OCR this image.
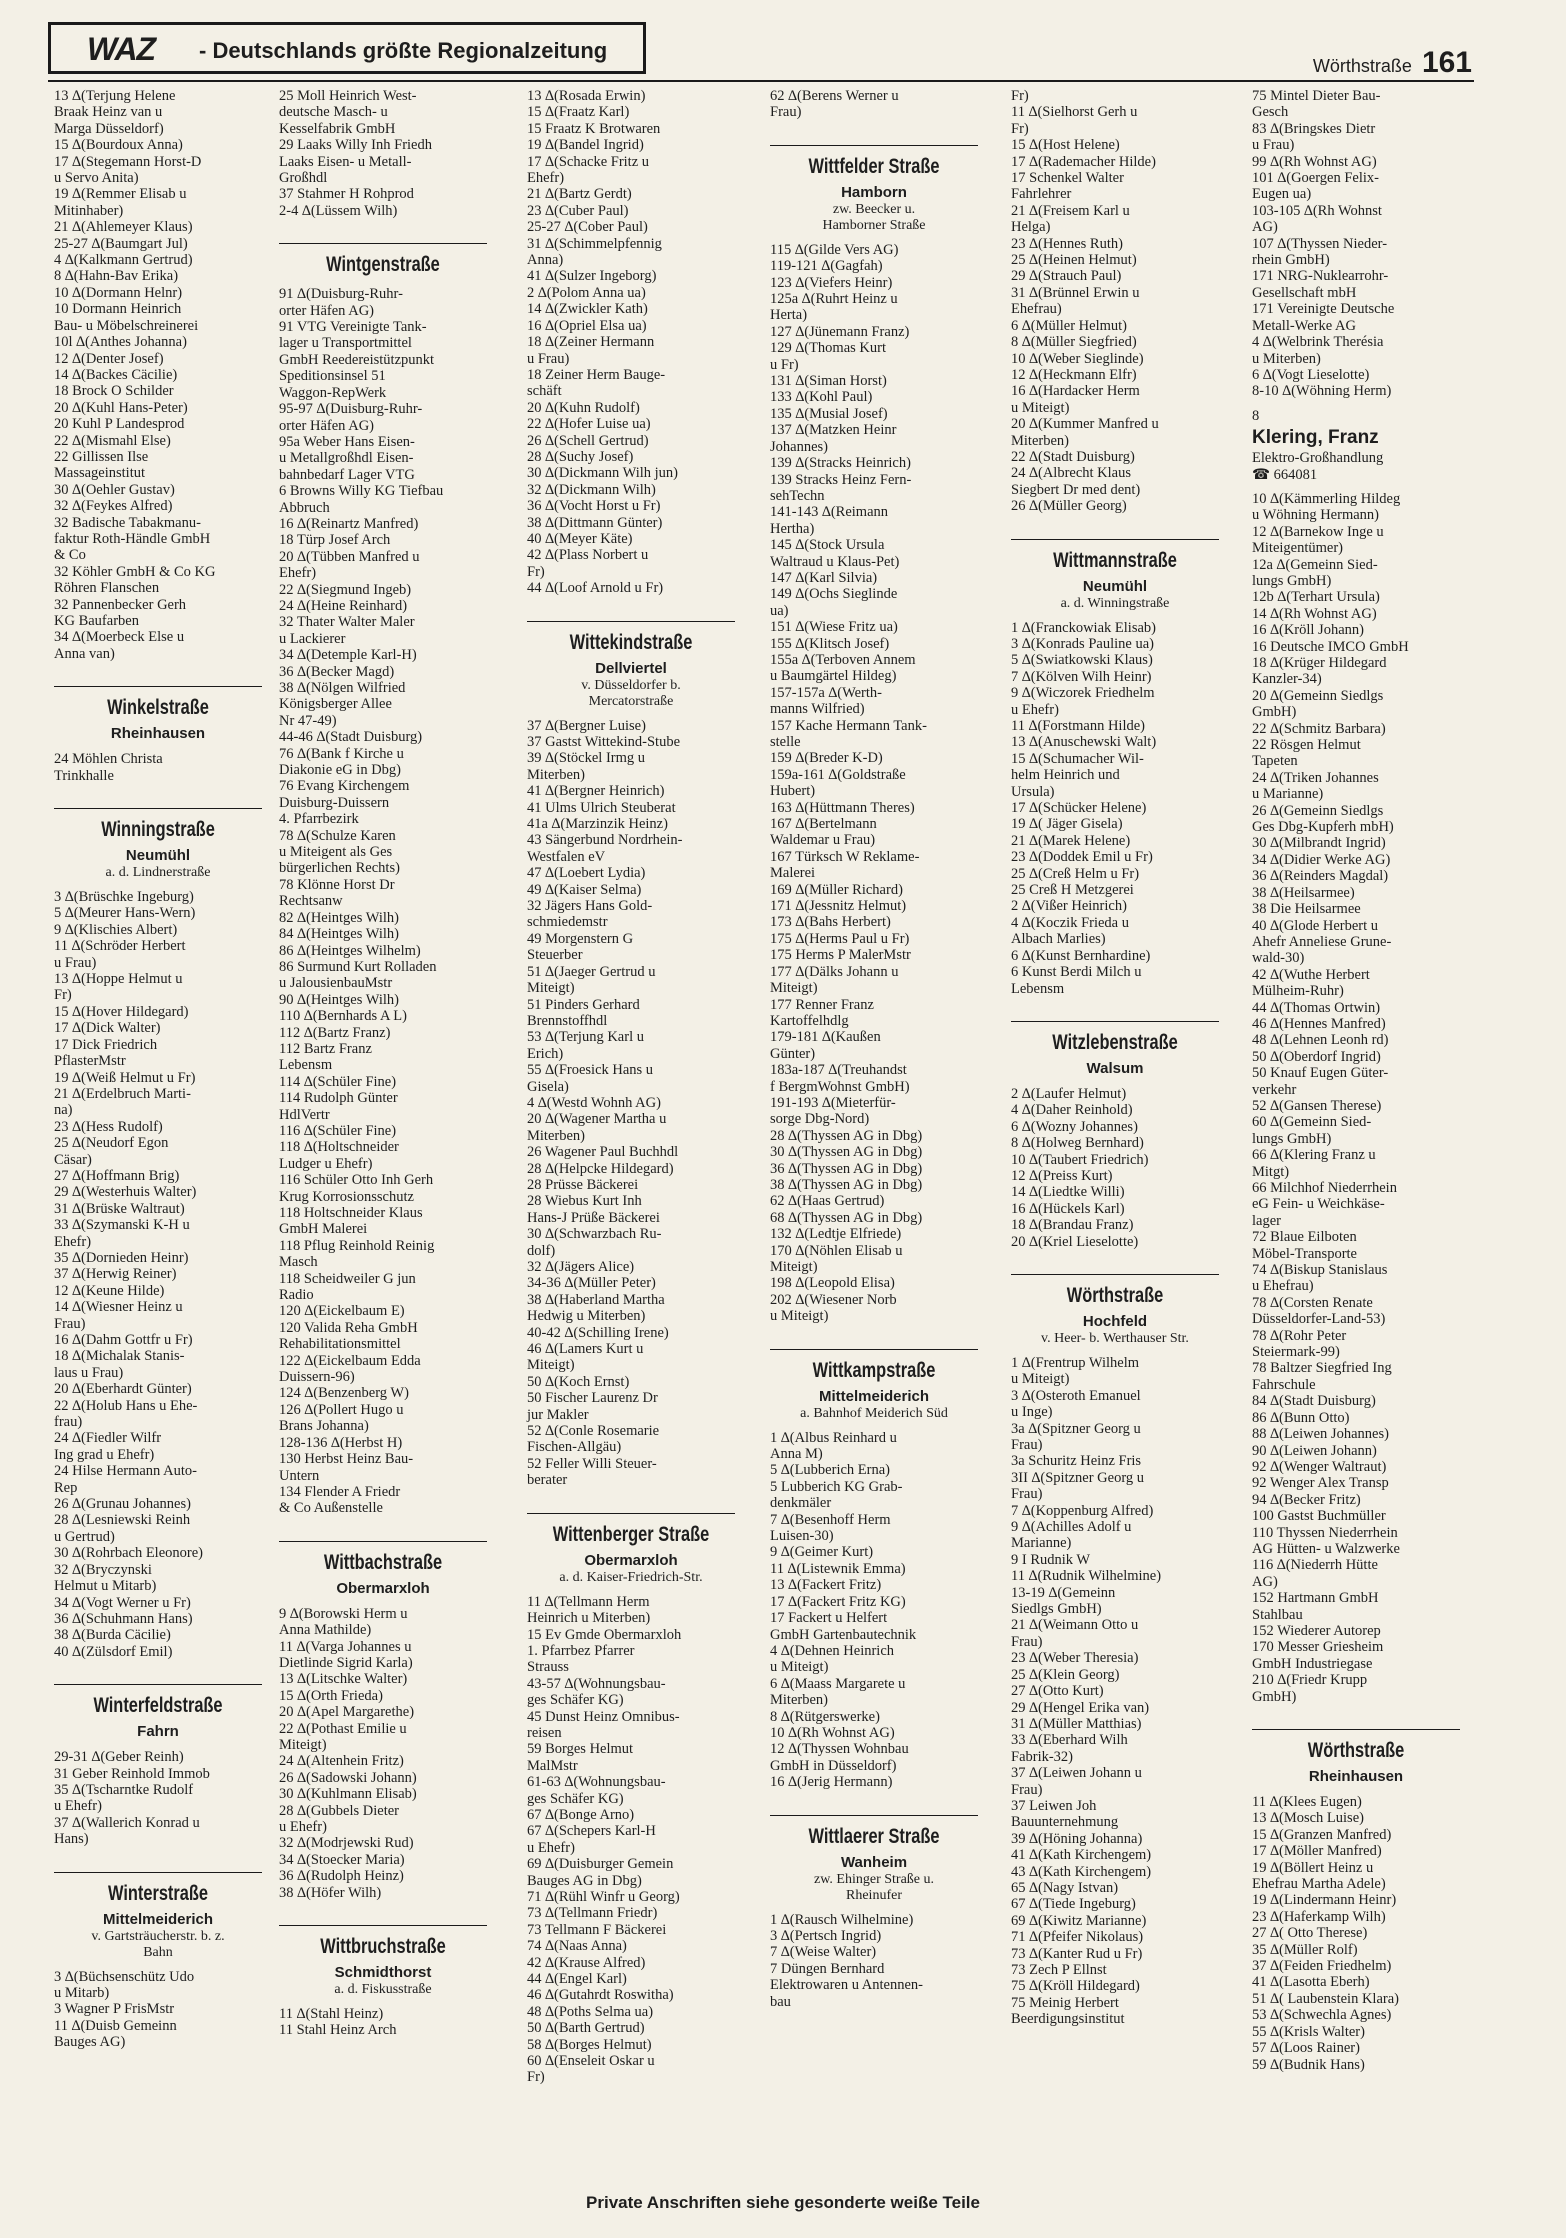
WAZ - Deutschlands größte Regionalzeitung
Wörthstraße 161

13 ∆(Terjung Helene

Braak Heinz van u

Marga Düsseldorf)

15 ∆(Bourdoux Anna)

17 ∆(Stegemann Horst-D

u Servo Anita)

19 ∆(Remmer Elisab u

Mitinhaber)

21 ∆(Ahlemeyer Klaus)

25-27 ∆(Baumgart Jul)

4 ∆(Kalkmann Gertrud)

8 ∆(Hahn-Bav Erika)

10 ∆(Dormann Helnr)

10 Dormann Heinrich

Bau- u Möbelschreinerei

10l ∆(Anthes Johanna)

12 ∆(Denter Josef)

14 ∆(Backes Cäcilie)

18 Brock O Schilder

20 ∆(Kuhl Hans-Peter)

20 Kuhl P Landesprod

22 ∆(Mismahl Else)

22 Gillissen Ilse

Massageinstitut

30 ∆(Oehler Gustav)

32 ∆(Feykes Alfred)

32 Badische Tabakmanu-

faktur Roth-Händle GmbH

& Co

32 Köhler GmbH & Co KG

Röhren Flanschen

32 Pannenbecker Gerh

KG Baufarben

34 ∆(Moerbeck Else u

Anna van)

Winkelstraße
Rheinhausen

24 Möhlen Christa

Trinkhalle

Winningstraße
Neumühl
a. d. Lindnerstraße

3 ∆(Brüschke Ingeburg)

5 ∆(Meurer Hans-Wern)

9 ∆(Klischies Albert)

11 ∆(Schröder Herbert

u Frau)

13 ∆(Hoppe Helmut u

Fr)

15 ∆(Hover Hildegard)

17 ∆(Dick Walter)

17 Dick Friedrich

PflasterMstr

19 ∆(Weiß Helmut u Fr)

21 ∆(Erdelbruch Marti-

na)

23 ∆(Hess Rudolf)

25 ∆(Neudorf Egon

Cäsar)

27 ∆(Hoffmann Brig)

29 ∆(Westerhuis Walter)

31 ∆(Brüske Waltraut)

33 ∆(Szymanski K-H u

Ehefr)

35 ∆(Dornieden Heinr)

37 ∆(Herwig Reiner)

12 ∆(Keune Hilde)

14 ∆(Wiesner Heinz u

Frau)

16 ∆(Dahm Gottfr u Fr)

18 ∆(Michalak Stanis-

laus u Frau)

20 ∆(Eberhardt Günter)

22 ∆(Holub Hans u Ehe-

frau)

24 ∆(Fiedler Wilfr

Ing grad u Ehefr)

24 Hilse Hermann Auto-

Rep

26 ∆(Grunau Johannes)

28 ∆(Lesniewski Reinh

u Gertrud)

30 ∆(Rohrbach Eleonore)

32 ∆(Bryczynski

Helmut u Mitarb)

34 ∆(Vogt Werner u Fr)

36 ∆(Schuhmann Hans)

38 ∆(Burda Cäcilie)

40 ∆(Zülsdorf Emil)

Winterfeldstraße
Fahrn

29-31 ∆(Geber Reinh)

31 Geber Reinhold Immob

35 ∆(Tscharntke Rudolf

u Ehefr)

37 ∆(Wallerich Konrad u

Hans)

Winterstraße
Mittelmeiderich
v. Gartsträucherstr. b. z.
Bahn

3 ∆(Büchsenschütz Udo

u Mitarb)

3 Wagner P FrisMstr

11 ∆(Duisb Gemeinn

Bauges AG)

25 Moll Heinrich West-

deutsche Masch- u

Kesselfabrik GmbH

29 Laaks Willy Inh Friedh

Laaks Eisen- u Metall-

Großhdl

37 Stahmer H Rohprod

2-4 ∆(Lüssem Wilh)

Wintgenstraße

91 ∆(Duisburg-Ruhr-

orter Häfen AG)

91 VTG Vereinigte Tank-

lager u Transportmittel

GmbH Reedereistützpunkt

Speditionsinsel 51

Waggon-RepWerk

95-97 ∆(Duisburg-Ruhr-

orter Häfen AG)

95a Weber Hans Eisen-

u Metallgroßhdl Eisen-

bahnbedarf Lager VTG

6 Browns Willy KG Tiefbau

Abbruch

16 ∆(Reinartz Manfred)

18 Türp Josef Arch

20 ∆(Tübben Manfred u

Ehefr)

22 ∆(Siegmund Ingeb)

24 ∆(Heine Reinhard)

32 Thater Walter Maler

u Lackierer

34 ∆(Detemple Karl-H)

36 ∆(Becker Magd)

38 ∆(Nölgen Wilfried

Königsberger Allee

Nr 47-49)

44-46 ∆(Stadt Duisburg)

76 ∆(Bank f Kirche u

Diakonie eG in Dbg)

76 Evang Kirchengem

Duisburg-Duissern

4. Pfarrbezirk

78 ∆(Schulze Karen

u Miteigent als Ges

bürgerlichen Rechts)

78 Klönne Horst Dr

Rechtsanw

82 ∆(Heintges Wilh)

84 ∆(Heintges Wilh)

86 ∆(Heintges Wilhelm)

86 Surmund Kurt Rolladen

u JalousienbauMstr

90 ∆(Heintges Wilh)

110 ∆(Bernhards A L)

112 ∆(Bartz Franz)

112 Bartz Franz

Lebensm

114 ∆(Schüler Fine)

114 Rudolph Günter

HdlVertr

116 ∆(Schüler Fine)

118 ∆(Holtschneider

Ludger u Ehefr)

116 Schüler Otto Inh Gerh

Krug Korrosionsschutz

118 Holtschneider Klaus

GmbH Malerei

118 Pflug Reinhold Reinig

Masch

118 Scheidweiler G jun

Radio

120 ∆(Eickelbaum E)

120 Valida Reha GmbH

Rehabilitationsmittel

122 ∆(Eickelbaum Edda

Duissern-96)

124 ∆(Benzenberg W)

126 ∆(Pollert Hugo u

Brans Johanna)

128-136 ∆(Herbst H)

130 Herbst Heinz Bau-

Untern

134 Flender A Friedr

& Co Außenstelle

Wittbachstraße
Obermarxloh

9 ∆(Borowski Herm u

Anna Mathilde)

11 ∆(Varga Johannes u

Dietlinde Sigrid Karla)

13 ∆(Litschke Walter)

15 ∆(Orth Frieda)

20 ∆(Apel Margarethe)

22 ∆(Pothast Emilie u

Miteigt)

24 ∆(Altenhein Fritz)

26 ∆(Sadowski Johann)

30 ∆(Kuhlmann Elisab)

28 ∆(Gubbels Dieter

u Ehefr)

32 ∆(Modrjewski Rud)

34 ∆(Stoecker Maria)

36 ∆(Rudolph Heinz)

38 ∆(Höfer Wilh)

Wittbruchstraße
Schmidthorst
a. d. Fiskusstraße

11 ∆(Stahl Heinz)

11 Stahl Heinz Arch

13 ∆(Rosada Erwin)

15 ∆(Fraatz Karl)

15 Fraatz K Brotwaren

19 ∆(Bandel Ingrid)

17 ∆(Schacke Fritz u

Ehefr)

21 ∆(Bartz Gerdt)

23 ∆(Cuber Paul)

25-27 ∆(Cober Paul)

31 ∆(Schimmelpfennig

Anna)

41 ∆(Sulzer Ingeborg)

2 ∆(Polom Anna ua)

14 ∆(Zwickler Kath)

16 ∆(Opriel Elsa ua)

18 ∆(Zeiner Hermann

u Frau)

18 Zeiner Herm Bauge-

schäft

20 ∆(Kuhn Rudolf)

22 ∆(Hofer Luise ua)

26 ∆(Schell Gertrud)

28 ∆(Suchy Josef)

30 ∆(Dickmann Wilh jun)

32 ∆(Dickmann Wilh)

36 ∆(Vocht Horst u Fr)

38 ∆(Dittmann Günter)

40 ∆(Meyer Käte)

42 ∆(Plass Norbert u

Fr)

44 ∆(Loof Arnold u Fr)

Wittekindstraße
Dellviertel
v. Düsseldorfer b.
Mercatorstraße

37 ∆(Bergner Luise)

37 Gastst Wittekind-Stube

39 ∆(Stöckel Irmg u

Miterben)

41 ∆(Bergner Heinrich)

41 Ulms Ulrich Steuberat

41a ∆(Marzinzik Heinz)

43 Sängerbund Nordrhein-

Westfalen eV

47 ∆(Loebert Lydia)

49 ∆(Kaiser Selma)

32 Jägers Hans Gold-

schmiedemstr

49 Morgenstern G

Steuerber

51 ∆(Jaeger Gertrud u

Miteigt)

51 Pinders Gerhard

Brennstoffhdl

53 ∆(Terjung Karl u

Erich)

55 ∆(Froesick Hans u

Gisela)

4 ∆(Westd Wohnh AG)

20 ∆(Wagener Martha u

Miterben)

26 Wagener Paul Buchhdl

28 ∆(Helpcke Hildegard)

28 Prüsse Bäckerei

28 Wiebus Kurt Inh

Hans-J Prüße Bäckerei

30 ∆(Schwarzbach Ru-

dolf)

32 ∆(Jägers Alice)

34-36 ∆(Müller Peter)

38 ∆(Haberland Martha

Hedwig u Miterben)

40-42 ∆(Schilling Irene)

46 ∆(Lamers Kurt u

Miteigt)

50 ∆(Koch Ernst)

50 Fischer Laurenz Dr

jur Makler

52 ∆(Conle Rosemarie

Fischen-Allgäu)

52 Feller Willi Steuer-

berater

Wittenberger Straße
Obermarxloh
a. d. Kaiser-Friedrich-Str.

11 ∆(Tellmann Herm

Heinrich u Miterben)

15 Ev Gmde Obermarxloh

1. Pfarrbez Pfarrer

Strauss

43-57 ∆(Wohnungsbau-

ges Schäfer KG)

45 Dunst Heinz Omnibus-

reisen

59 Borges Helmut

MalMstr

61-63 ∆(Wohnungsbau-

ges Schäfer KG)

67 ∆(Bonge Arno)

67 ∆(Schepers Karl-H

u Ehefr)

69 ∆(Duisburger Gemein

Bauges AG in Dbg)

71 ∆(Rühl Winfr u Georg)

73 ∆(Tellmann Friedr)

73 Tellmann F Bäckerei

74 ∆(Naas Anna)

42 ∆(Krause Alfred)

44 ∆(Engel Karl)

46 ∆(Gutahrdt Roswitha)

48 ∆(Poths Selma ua)

50 ∆(Barth Gertrud)

58 ∆(Borges Helmut)

60 ∆(Enseleit Oskar u

Fr)

62 ∆(Berens Werner u

Frau)

Wittfelder Straße
Hamborn
zw. Beecker u.
Hamborner Straße

115 ∆(Gilde Vers AG)

119-121 ∆(Gagfah)

123 ∆(Viefers Heinr)

125a ∆(Ruhrt Heinz u

Herta)

127 ∆(Jünemann Franz)

129 ∆(Thomas Kurt

u Fr)

131 ∆(Siman Horst)

133 ∆(Kohl Paul)

135 ∆(Musial Josef)

137 ∆(Matzken Heinr

Johannes)

139 ∆(Stracks Heinrich)

139 Stracks Heinz Fern-

sehTechn

141-143 ∆(Reimann

Hertha)

145 ∆(Stock Ursula

Waltraud u Klaus-Pet)

147 ∆(Karl Silvia)

149 ∆(Ochs Sieglinde

ua)

151 ∆(Wiese Fritz ua)

155 ∆(Klitsch Josef)

155a ∆(Terboven Annem

u Baumgärtel Hildeg)

157-157a ∆(Werth-

manns Wilfried)

157 Kache Hermann Tank-

stelle

159 ∆(Breder K-D)

159a-161 ∆(Goldstraße

Hubert)

163 ∆(Hüttmann Theres)

167 ∆(Bertelmann

Waldemar u Frau)

167 Türksch W Reklame-

Malerei

169 ∆(Müller Richard)

171 ∆(Jessnitz Helmut)

173 ∆(Bahs Herbert)

175 ∆(Herms Paul u Fr)

175 Herms P MalerMstr

177 ∆(Dälks Johann u

Miteigt)

177 Renner Franz

Kartoffelhdlg

179-181 ∆(Kaußen

Günter)

183a-187 ∆(Treuhandst

f BergmWohnst GmbH)

191-193 ∆(Mieterfür-

sorge Dbg-Nord)

28 ∆(Thyssen AG in Dbg)

30 ∆(Thyssen AG in Dbg)

36 ∆(Thyssen AG in Dbg)

38 ∆(Thyssen AG in Dbg)

62 ∆(Haas Gertrud)

68 ∆(Thyssen AG in Dbg)

132 ∆(Ledtje Elfriede)

170 ∆(Nöhlen Elisab u

Miteigt)

198 ∆(Leopold Elisa)

202 ∆(Wiesener Norb

u Miteigt)

Wittkampstraße
Mittelmeiderich
a. Bahnhof Meiderich Süd

1 ∆(Albus Reinhard u

Anna M)

5 ∆(Lubberich Erna)

5 Lubberich KG Grab-

denkmäler

7 ∆(Besenhoff Herm

Luisen-30)

9 ∆(Geimer Kurt)

11 ∆(Listewnik Emma)

13 ∆(Fackert Fritz)

17 ∆(Fackert Fritz KG)

17 Fackert u Helfert

GmbH Gartenbautechnik

4 ∆(Dehnen Heinrich

u Miteigt)

6 ∆(Maass Margarete u

Miterben)

8 ∆(Rütgerswerke)

10 ∆(Rh Wohnst AG)

12 ∆(Thyssen Wohnbau

GmbH in Düsseldorf)

16 ∆(Jerig Hermann)

Wittlaerer Straße
Wanheim
zw. Ehinger Straße u.
Rheinufer

1 ∆(Rausch Wilhelmine)

3 ∆(Pertsch Ingrid)

7 ∆(Weise Walter)

7 Düngen Bernhard

Elektrowaren u Antennen-

bau

Fr)

11 ∆(Sielhorst Gerh u

Fr)

15 ∆(Host Helene)

17 ∆(Rademacher Hilde)

17 Schenkel Walter

Fahrlehrer

21 ∆(Freisem Karl u

Helga)

23 ∆(Hennes Ruth)

25 ∆(Heinen Helmut)

29 ∆(Strauch Paul)

31 ∆(Brünnel Erwin u

Ehefrau)

6 ∆(Müller Helmut)

8 ∆(Müller Siegfried)

10 ∆(Weber Sieglinde)

12 ∆(Heckmann Elfr)

16 ∆(Hardacker Herm

u Miteigt)

20 ∆(Kummer Manfred u

Miterben)

22 ∆(Stadt Duisburg)

24 ∆(Albrecht Klaus

Siegbert Dr med dent)

26 ∆(Müller Georg)

Wittmannstraße
Neumühl
a. d. Winningstraße

1 ∆(Franckowiak Elisab)

3 ∆(Konrads Pauline ua)

5 ∆(Swiatkowski Klaus)

7 ∆(Kölven Wilh Heinr)

9 ∆(Wiczorek Friedhelm

u Ehefr)

11 ∆(Forstmann Hilde)

13 ∆(Anuschewski Walt)

15 ∆(Schumacher Wil-

helm Heinrich und

Ursula)

17 ∆(Schücker Helene)

19 ∆( Jäger Gisela)

21 ∆(Marek Helene)

23 ∆(Doddek Emil u Fr)

25 ∆(Creß Helm u Fr)

25 Creß H Metzgerei

2 ∆(Vißer Heinrich)

4 ∆(Koczik Frieda u

Albach Marlies)

6 ∆(Kunst Bernhardine)

6 Kunst Berdi Milch u

Lebensm

Witzlebenstraße
Walsum

2 ∆(Laufer Helmut)

4 ∆(Daher Reinhold)

6 ∆(Wozny Johannes)

8 ∆(Holweg Bernhard)

10 ∆(Taubert Friedrich)

12 ∆(Preiss Kurt)

14 ∆(Liedtke Willi)

16 ∆(Hückels Karl)

18 ∆(Brandau Franz)

20 ∆(Kriel Lieselotte)

Wörthstraße
Hochfeld
v. Heer- b. Werthauser Str.

1 ∆(Frentrup Wilhelm

u Miteigt)

3 ∆(Osteroth Emanuel

u Inge)

3a ∆(Spitzner Georg u

Frau)

3a Schuritz Heinz Fris

3II ∆(Spitzner Georg u

Frau)

7 ∆(Koppenburg Alfred)

9 ∆(Achilles Adolf u

Marianne)

9 I Rudnik W

11 ∆(Rudnik Wilhelmine)

13-19 ∆(Gemeinn

Siedlgs GmbH)

21 ∆(Weimann Otto u

Frau)

23 ∆(Weber Theresia)

25 ∆(Klein Georg)

27 ∆(Otto Kurt)

29 ∆(Hengel Erika van)

31 ∆(Müller Matthias)

33 ∆(Eberhard Wilh

Fabrik-32)

37 ∆(Leiwen Johann u

Frau)

37 Leiwen Joh

Bauunternehmung

39 ∆(Höning Johanna)

41 ∆(Kath Kirchengem)

43 ∆(Kath Kirchengem)

65 ∆(Nagy Istvan)

67 ∆(Tiede Ingeburg)

69 ∆(Kiwitz Marianne)

71 ∆(Pfeifer Nikolaus)

73 ∆(Kanter Rud u Fr)

73 Zech P Ellnst

75 ∆(Kröll Hildegard)

75 Meinig Herbert

Beerdigungsinstitut

75 Mintel Dieter Bau-

Gesch

83 ∆(Bringskes Dietr

u Frau)

99 ∆(Rh Wohnst AG)

101 ∆(Goergen Felix-

Eugen ua)

103-105 ∆(Rh Wohnst

AG)

107 ∆(Thyssen Nieder-

rhein GmbH)

171 NRG-Nuklearrohr-

Gesellschaft mbH

171 Vereinigte Deutsche

Metall-Werke AG

4 ∆(Welbrink Therésia

u Miterben)

6 ∆(Vogt Lieselotte)

8-10 ∆(Wöhning Herm)

8

Klering, Franz

Elektro-Großhandlung

☎ 664081

10 ∆(Kämmerling Hildeg

u Wöhning Hermann)

12 ∆(Barnekow Inge u

Miteigentümer)

12a ∆(Gemeinn Sied-

lungs GmbH)

12b ∆(Terhart Ursula)

14 ∆(Rh Wohnst AG)

16 ∆(Kröll Johann)

16 Deutsche IMCO GmbH

18 ∆(Krüger Hildegard

Kanzler-34)

20 ∆(Gemeinn Siedlgs

GmbH)

22 ∆(Schmitz Barbara)

22 Rösgen Helmut

Tapeten

24 ∆(Triken Johannes

u Marianne)

26 ∆(Gemeinn Siedlgs

Ges Dbg-Kupferh mbH)

30 ∆(Milbrandt Ingrid)

34 ∆(Didier Werke AG)

36 ∆(Reinders Magdal)

38 ∆(Heilsarmee)

38 Die Heilsarmee

40 ∆(Glode Herbert u

Ahefr Anneliese Grune-

wald-30)

42 ∆(Wuthe Herbert

Mülheim-Ruhr)

44 ∆(Thomas Ortwin)

46 ∆(Hennes Manfred)

48 ∆(Lehnen Leonh rd)

50 ∆(Oberdorf Ingrid)

50 Knauf Eugen Güter-

verkehr

52 ∆(Gansen Therese)

60 ∆(Gemeinn Sied-

lungs GmbH)

66 ∆(Klering Franz u

Mitgt)

66 Milchhof Niederrhein

eG Fein- u Weichkäse-

lager

72 Blaue Eilboten

Möbel-Transporte

74 ∆(Biskup Stanislaus

u Ehefrau)

78 ∆(Corsten Renate

Düsseldorfer-Land-53)

78 ∆(Rohr Peter

Steiermark-99)

78 Baltzer Siegfried Ing

Fahrschule

84 ∆(Stadt Duisburg)

86 ∆(Bunn Otto)

88 ∆(Leiwen Johannes)

90 ∆(Leiwen Johann)

92 ∆(Wenger Waltraut)

92 Wenger Alex Transp

94 ∆(Becker Fritz)

100 Gastst Buchmüller

110 Thyssen Niederrhein

AG Hütten- u Walzwerke

116 ∆(Niederrh Hütte

AG)

152 Hartmann GmbH

Stahlbau

152 Wiederer Autorep

170 Messer Griesheim

GmbH Industriegase

210 ∆(Friedr Krupp

GmbH)

Wörthstraße
Rheinhausen

11 ∆(Klees Eugen)

13 ∆(Mosch Luise)

15 ∆(Granzen Manfred)

17 ∆(Möller Manfred)

19 ∆(Böllert Heinz u

Ehefrau Martha Adele)

19 ∆(Lindermann Heinr)

23 ∆(Haferkamp Wilh)

27 ∆( Otto Therese)

35 ∆(Müller Rolf)

37 ∆(Feiden Friedhelm)

41 ∆(Lasotta Eberh)

51 ∆( Laubenstein Klara)

53 ∆(Schwechla Agnes)

55 ∆(Krisls Walter)

57 ∆(Loos Rainer)

59 ∆(Budnik Hans)

Private Anschriften siehe gesonderte weiße Teile
